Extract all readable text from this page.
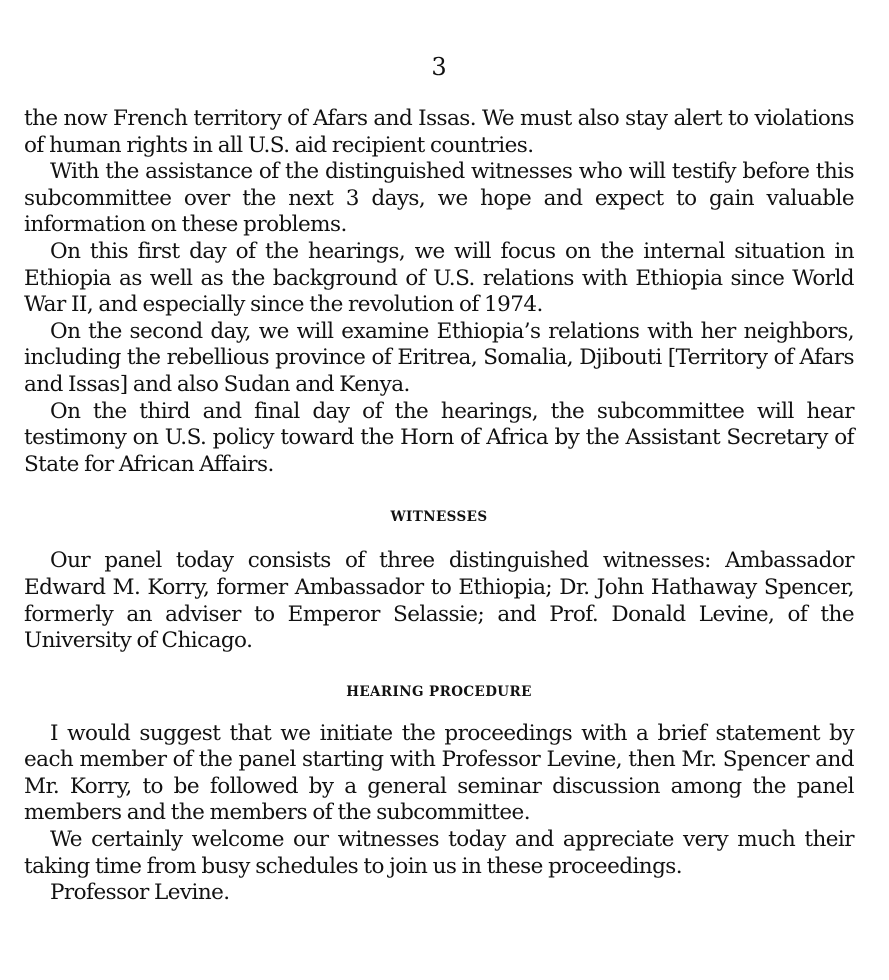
3

the now French territory of Afars and Issas. We must also stay alert to violations of human rights in all U.S. aid recipient countries.

With the assistance of the distinguished witnesses who will testify before this subcommittee over the next 3 days, we hope and expect to gain valuable information on these problems.

On this first day of the hearings, we will focus on the internal situation in Ethiopia as well as the background of U.S. relations with Ethiopia since World War II, and especially since the revolution of 1974.

On the second day, we will examine Ethiopia’s relations with her neighbors, including the rebellious province of Eritrea, Somalia, Djibouti [Territory of Afars and Issas] and also Sudan and Kenya.

On the third and final day of the hearings, the subcommittee will hear testimony on U.S. policy toward the Horn of Africa by the Assistant Secretary of State for African Affairs.

WITNESSES

Our panel today consists of three distinguished witnesses: Ambassador Edward M. Korry, former Ambassador to Ethiopia; Dr. John Hathaway Spencer, formerly an adviser to Emperor Selassie; and Prof. Donald Levine, of the University of Chicago.

HEARING PROCEDURE

I would suggest that we initiate the proceedings with a brief statement by each member of the panel starting with Professor Levine, then Mr. Spencer and Mr. Korry, to be followed by a general seminar discussion among the panel members and the members of the subcommittee.

We certainly welcome our witnesses today and appreciate very much their taking time from busy schedules to join us in these proceedings.

Professor Levine.
